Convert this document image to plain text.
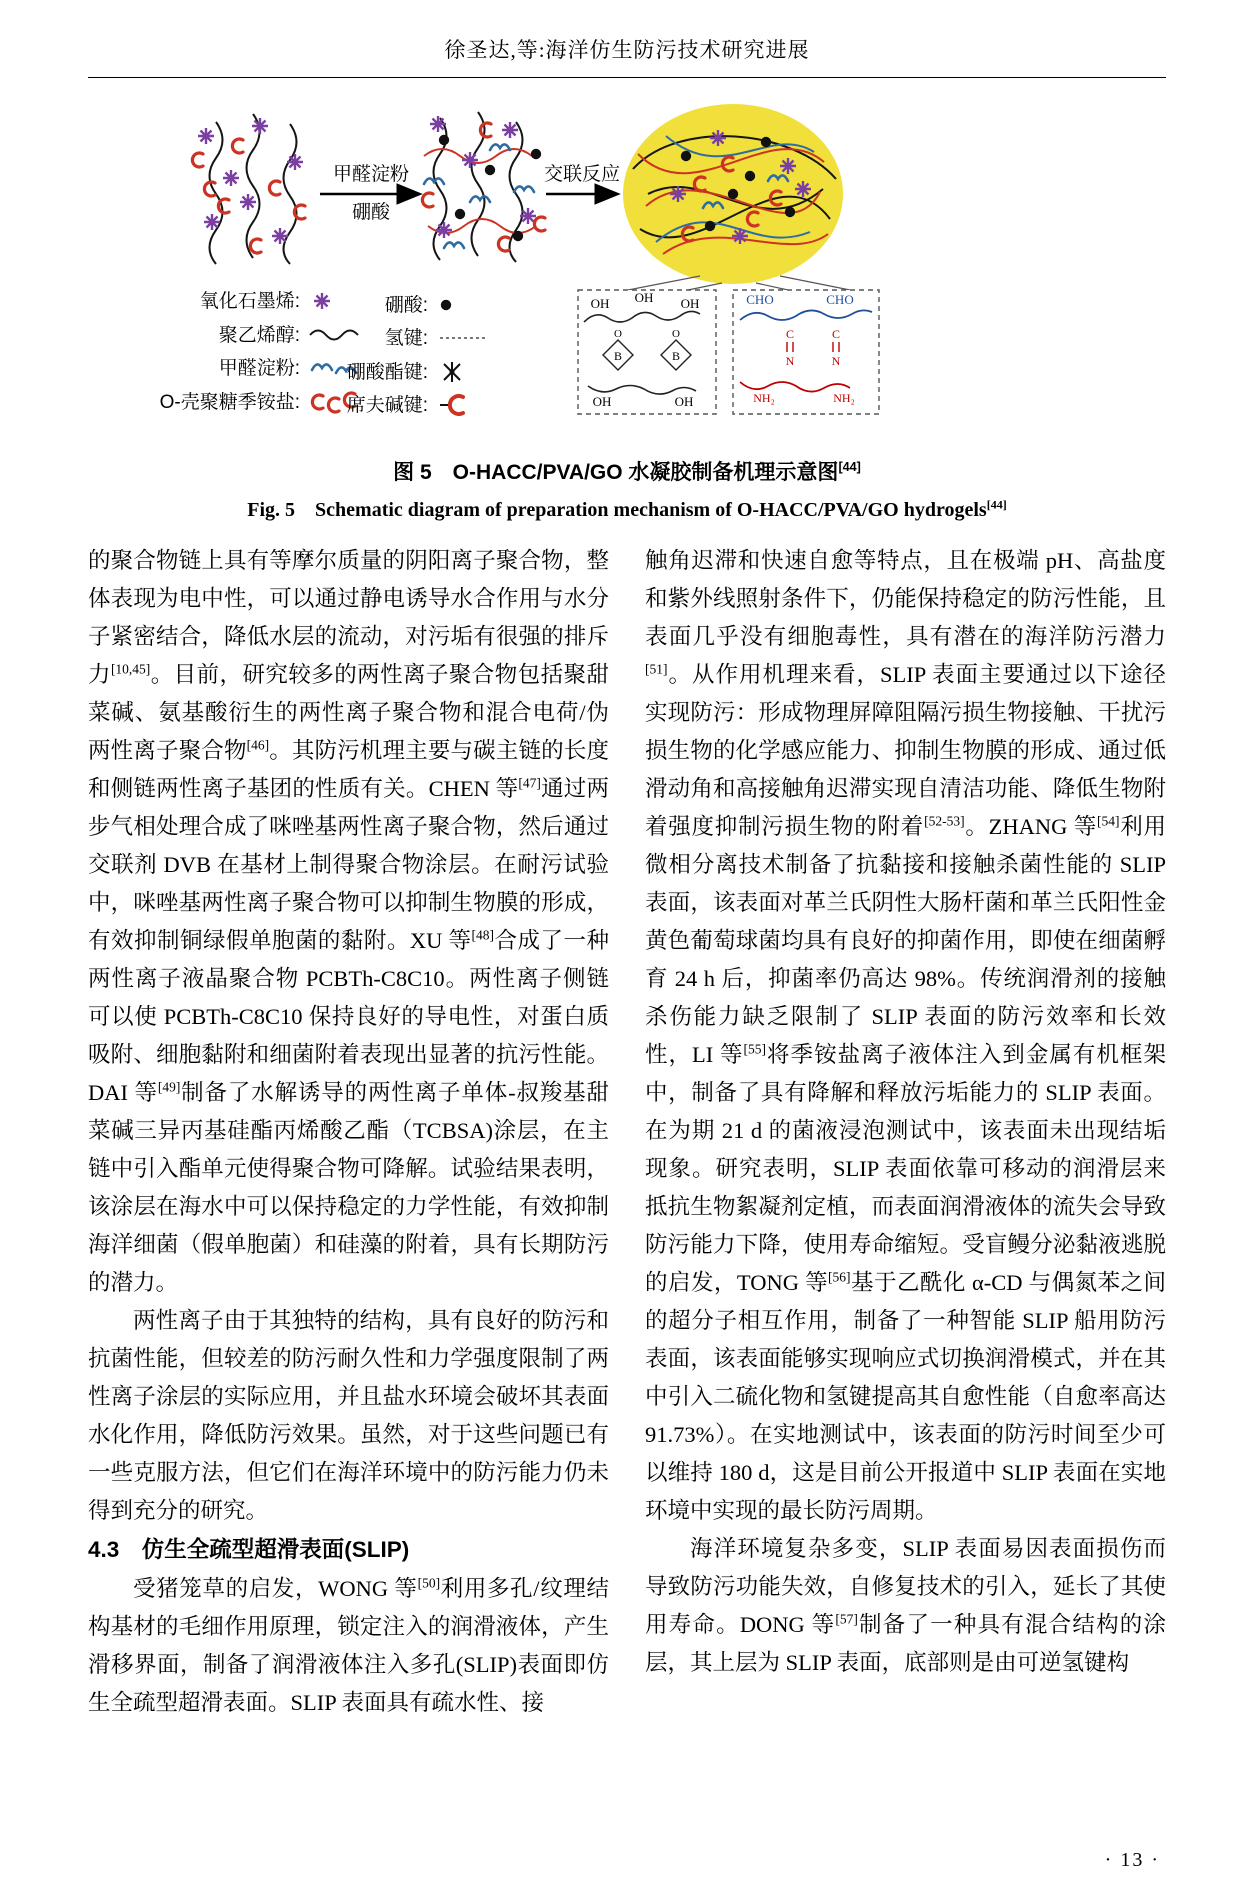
徐圣达,等:海洋仿生防污技术研究进展
甲醛淀粉
硼酸
交联反应
氧化石墨烯:
聚乙烯醇:
甲醛淀粉:
O-壳聚糖季铵盐:
硼酸:
氢键:
硼酸酯键:
席夫碱键:
OH OH OH
O	O
B	B
OH	OH
CHO	CHO
C
N
C
N
NH₂	NH₂
图 5　O-HACC/PVA/GO 水凝胶制备机理示意图[44]
Fig. 5　Schematic diagram of preparation mechanism of O-HACC/PVA/GO hydrogels[44]

的聚合物链上具有等摩尔质量的阴阳离子聚合物，整体表现为电中性，可以通过静电诱导水合作用与水分子紧密结合，降低水层的流动，对污垢有很强的排斥力[10,45]。目前，研究较多的两性离子聚合物包括聚甜菜碱、氨基酸衍生的两性离子聚合物和混合电荷/伪两性离子聚合物[46]。其防污机理主要与碳主链的长度和侧链两性离子基团的性质有关。CHEN 等[47]通过两步气相处理合成了咪唑基两性离子聚合物，然后通过交联剂 DVB 在基材上制得聚合物涂层。在耐污试验中，咪唑基两性离子聚合物可以抑制生物膜的形成，有效抑制铜绿假单胞菌的黏附。XU 等[48]合成了一种两性离子液晶聚合物 PCBTh-C8C10。两性离子侧链可以使 PCBTh-C8C10 保持良好的导电性，对蛋白质吸附、细胞黏附和细菌附着表现出显著的抗污性能。DAI 等[49]制备了水解诱导的两性离子单体-叔羧基甜菜碱三异丙基硅酯丙烯酸乙酯（TCBSA)涂层，在主链中引入酯单元使得聚合物可降解。试验结果表明，该涂层在海水中可以保持稳定的力学性能，有效抑制海洋细菌（假单胞菌）和硅藻的附着，具有长期防污的潜力。

两性离子由于其独特的结构，具有良好的防污和抗菌性能，但较差的防污耐久性和力学强度限制了两性离子涂层的实际应用，并且盐水环境会破坏其表面水化作用，降低防污效果。虽然，对于这些问题已有一些克服方法，但它们在海洋环境中的防污能力仍未得到充分的研究。

4.3　仿生全疏型超滑表面(SLIP)

受猪笼草的启发，WONG 等[50]利用多孔/纹理结构基材的毛细作用原理，锁定注入的润滑液体，产生滑移界面，制备了润滑液体注入多孔(SLIP)表面即仿生全疏型超滑表面。SLIP 表面具有疏水性、接

触角迟滞和快速自愈等特点，且在极端 pH、高盐度和紫外线照射条件下，仍能保持稳定的防污性能，且表面几乎没有细胞毒性，具有潜在的海洋防污潜力[51]。从作用机理来看，SLIP 表面主要通过以下途径实现防污：形成物理屏障阻隔污损生物接触、干扰污损生物的化学感应能力、抑制生物膜的形成、通过低滑动角和高接触角迟滞实现自清洁功能、降低生物附着强度抑制污损生物的附着[52-53]。ZHANG 等[54]利用微相分离技术制备了抗黏接和接触杀菌性能的 SLIP 表面，该表面对革兰氏阴性大肠杆菌和革兰氏阳性金黄色葡萄球菌均具有良好的抑菌作用，即使在细菌孵育 24 h 后，抑菌率仍高达 98%。传统润滑剂的接触杀伤能力缺乏限制了 SLIP 表面的防污效率和长效性，LI 等[55]将季铵盐离子液体注入到金属有机框架中，制备了具有降解和释放污垢能力的 SLIP 表面。在为期 21 d 的菌液浸泡测试中，该表面未出现结垢现象。研究表明，SLIP 表面依靠可移动的润滑层来抵抗生物絮凝剂定植，而表面润滑液体的流失会导致防污能力下降，使用寿命缩短。受盲鳗分泌黏液逃脱的启发，TONG 等[56]基于乙酰化 α-CD 与偶氮苯之间的超分子相互作用，制备了一种智能 SLIP 船用防污表面，该表面能够实现响应式切换润滑模式，并在其中引入二硫化物和氢键提高其自愈性能（自愈率高达 91.73%）。在实地测试中，该表面的防污时间至少可以维持 180 d，这是目前公开报道中 SLIP 表面在实地环境中实现的最长防污周期。

海洋环境复杂多变，SLIP 表面易因表面损伤而导致防污功能失效，自修复技术的引入，延长了其使用寿命。DONG 等[57]制备了一种具有混合结构的涂层，其上层为 SLIP 表面，底部则是由可逆氢键构

· 13 ·
